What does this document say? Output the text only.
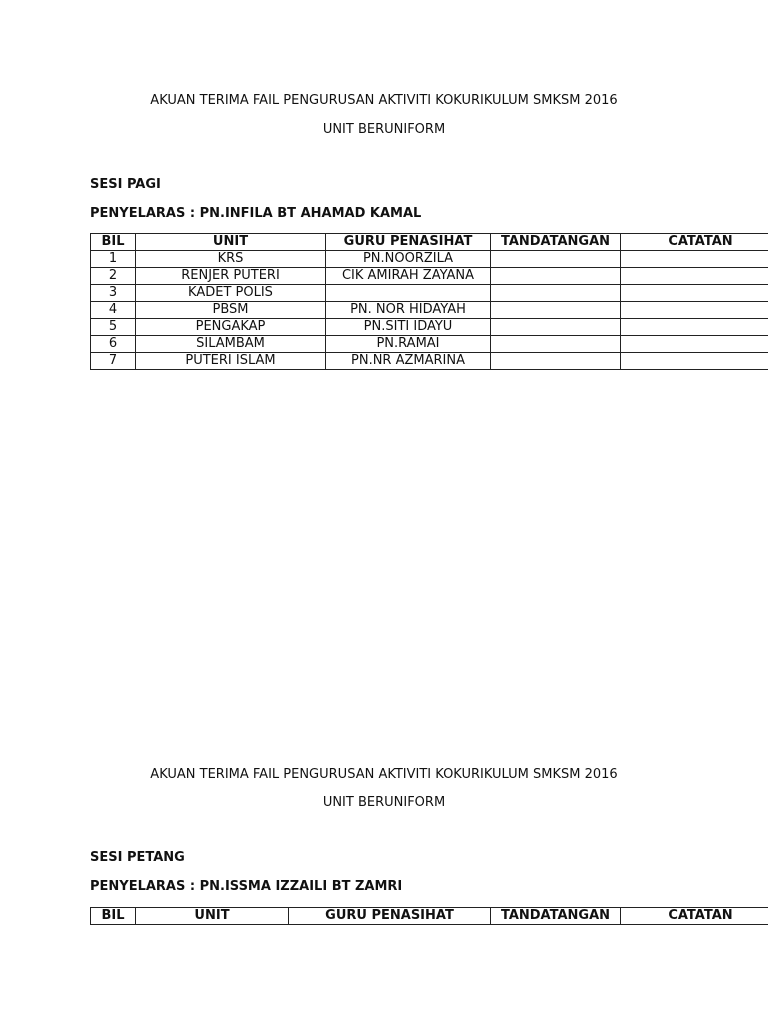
AKUAN TERIMA FAIL PENGURUSAN AKTIVITI KOKURIKULUM SMKSM 2016
UNIT BERUNIFORM
SESI PAGI
PENYELARAS : PN.INFILA BT AHAMAD KAMAL
BIL	UNIT	GURU PENASIHAT	TANDATANGAN	CATATAN
1	KRS	PN.NOORZILA		
2	RENJER PUTERI	CIK AMIRAH ZAYANA		
3	KADET POLIS			
4	PBSM	PN. NOR HIDAYAH		
5	PENGAKAP	PN.SITI IDAYU		
6	SILAMBAM	PN.RAMAI		
7	PUTERI ISLAM	PN.NR AZMARINA		
AKUAN TERIMA FAIL PENGURUSAN AKTIVITI KOKURIKULUM SMKSM 2016
UNIT BERUNIFORM
SESI PETANG
PENYELARAS : PN.ISSMA IZZAILI BT ZAMRI
BIL	UNIT	GURU PENASIHAT	TANDATANGAN	CATATAN
